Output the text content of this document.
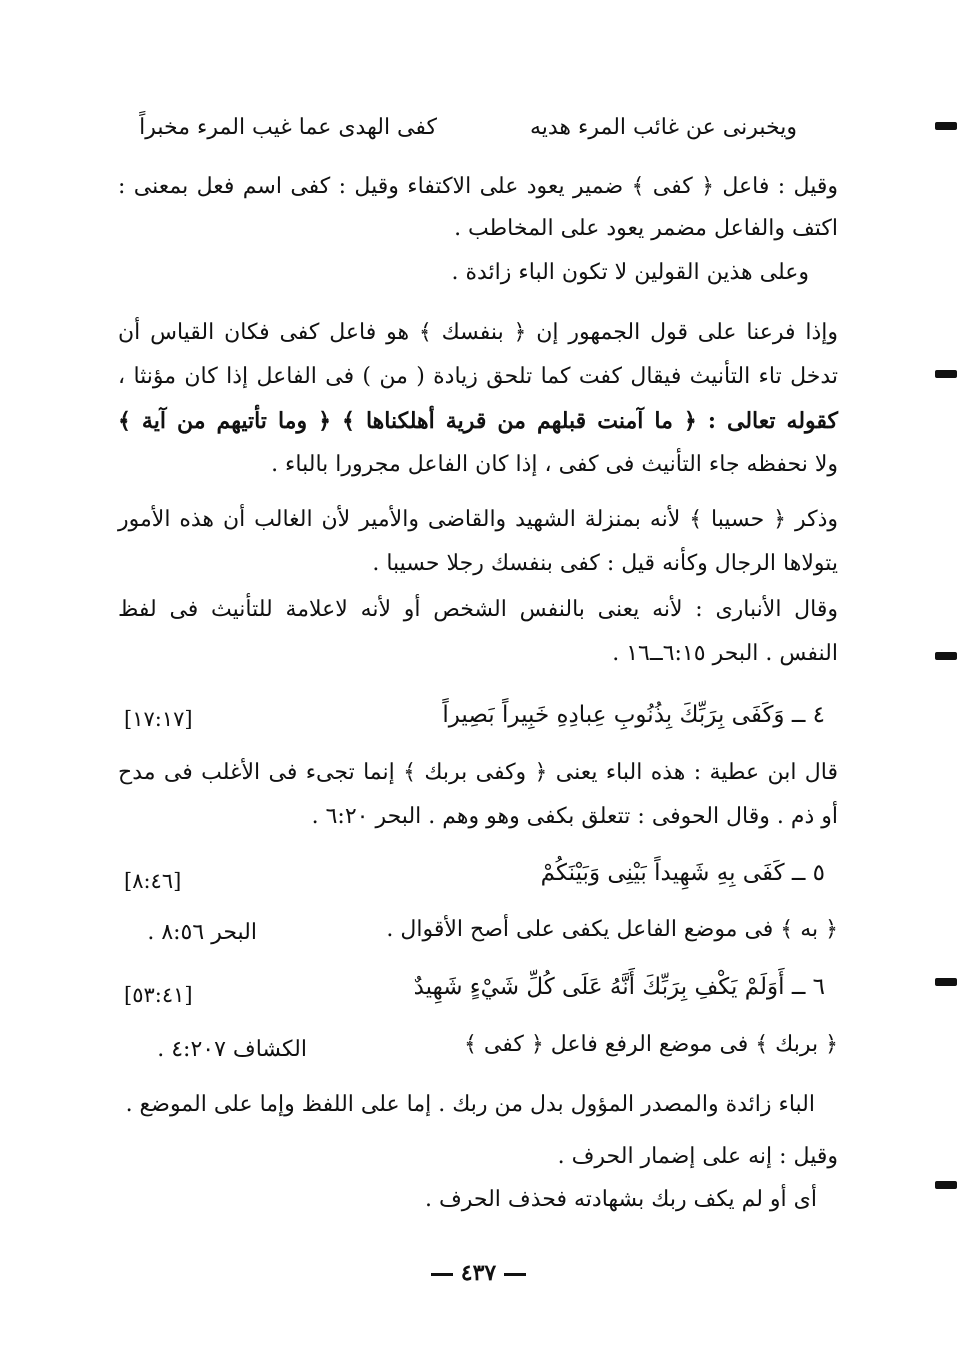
ويخبرنى عن غائب المرء هديه
كفى الهدى عما غيب المرء مخبراً
وقيل : فاعل ﴿ كفى ﴾ ضمير يعود على الاكتفاء وقيل : كفى اسم فعل بمعنى :
اكتف والفاعل مضمر يعود على المخاطب .
وعلى هذين القولين لا تكون الباء زائدة .
وإذا فرعنا على قول الجمهور إن ﴿ بنفسك ﴾ هو فاعل كفى فكان القياس أن
تدخل تاء التأنيث فيقال كفت كما تلحق زيادة ( من ) فى الفاعل إذا كان مؤنثا ،
كقوله تعالى : ﴿ ما آمنت قبلهم من قرية أهلكناها ﴾ ﴿ وما تأتيهم من آية ﴾
ولا نحفظه جاء التأنيث فى كفى ، إذا كان الفاعل مجرورا بالباء .
وذكر ﴿ حسيبا ﴾ لأنه بمنزلة الشهيد والقاضى والأمير لأن الغالب أن هذه الأمور
يتولاها الرجال وكأنه قيل : كفى بنفسك رجلا حسيبا .
وقال الأنبارى : لأنه يعنى بالنفس الشخص أو لأنه لاعلامة للتأنيث فى لفظ
النفس . البحر ٦:١٥ــ١٦ .
٤ ــ وَكَفَى بِرَبِّكَ بِذُنُوبِ عِبادِهِ خَبِيراً بَصِيراً
[١٧:١٧]
قال ابن عطية : هذه الباء يعنى ﴿ وكفى بربك ﴾ إنما تجىء فى الأغلب فى مدح
أو ذم . وقال الحوفى : تتعلق بكفى وهو وهم . البحر ٦:٢٠ .
٥ ــ كَفَى بِهِ شَهِيداً بَيْنِى وَبَيْنَكُمْ
[٨:٤٦]
﴿ به ﴾ فى موضع الفاعل يكفى على أصح الأقوال .
البحر ٨:٥٦ .
٦ ــ أَوَلَمْ يَكْفِ بِرَبِّكَ أَنَّهُ عَلَى كُلِّ شَيْءٍ شَهِيدٌ
[٥٣:٤١]
﴿ بربك ﴾ فى موضع الرفع فاعل ﴿ كفى ﴾
الكشاف ٤:٢٠٧ .
الباء زائدة والمصدر المؤول بدل من ربك . إما على اللفظ وإما على الموضع .
وقيل : إنه على إضمار الحرف .
أى أو لم يكف ربك بشهادته فحذف الحرف .
٤٣٧
